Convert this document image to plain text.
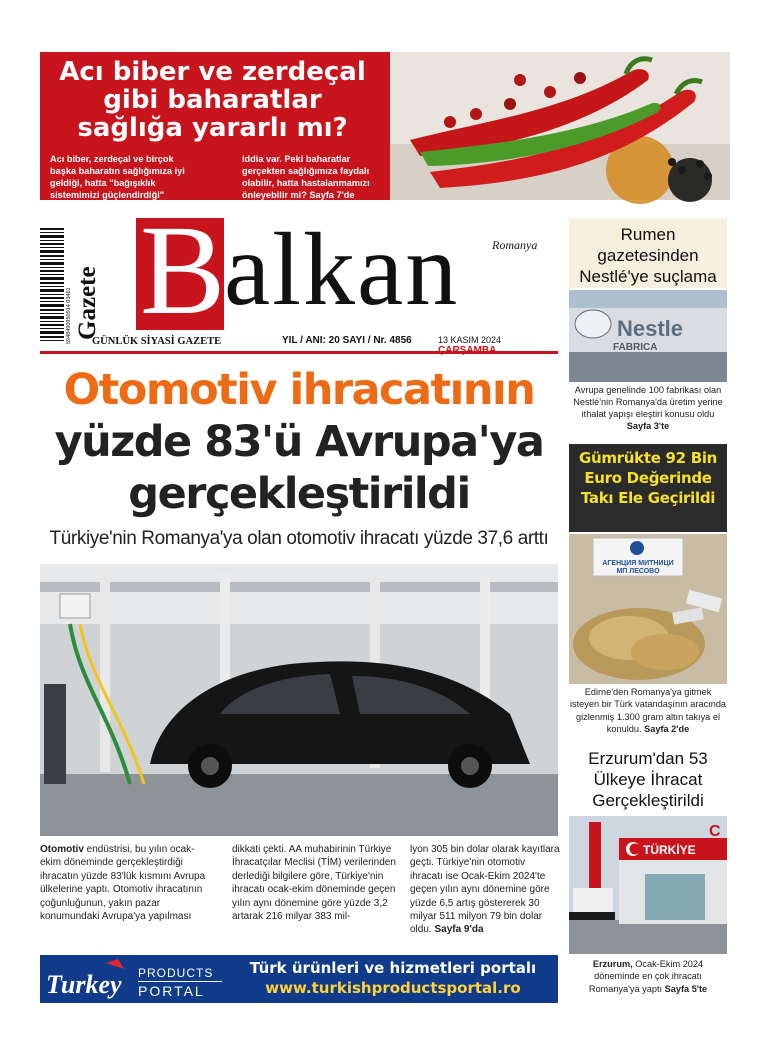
Acı biber ve zerdeçal
gibi baharatlar
sağlığa yararlı mı?
Acı biber, zerdeçal ve birçok başka baharatın sağlığımıza iyi geldiği, hatta "bağışıklık sistemimizi güçlendirdiği" yönünde birçok
iddia var. Peki baharatlar gerçekten sağlığımıza faydalı olabilir, hatta hastalanmamızı önleyebilir mi? Sayfa 7'de
5948490950914 03461 Gazete B
alkan	Romanya
GÜNLÜK SİYASİ GAZETE	YIL / ANI: 20 SAYI / Nr. 4856	13 KASIM 2024
Otomotiv ihracatının
yüzde 83'ü Avrupa'ya
gerçekleştirildi
Türkiye'nin Romanya'ya olan otomotiv ihracatı yüzde 37,6 arttı
Otomotiv endüstrisi, bu yılın ocak-ekim döneminde gerçekleştirdiği ihracatın yüzde 83'lük kısmını Avrupa ülkelerine yaptı. Otomotiv ihracatının çoğunluğunun, yakın pazar konumundaki Avrupa'ya yapılması
dikkati çekti. AA muhabirinin Türkiye İhracatçılar Meclisi (TİM) verilerinden derlediği bilgilere göre, Türkiye'nin ihracatı ocak-ekim döneminde geçen yılın aynı dönemine göre yüzde 3,2 artarak 216 milyar 383 mil-
lyon 305 bin dolar olarak kayıtlara geçti. Türkiye'nin otomotiv ihracatı ise Ocak-Ekim 2024'te geçen yılın aynı dönemine göre yüzde 6,5 artış göstererek 30 milyar 511 milyon 79 bin dolar oldu. Sayfa 9'da
Turkey PRODUCTS
PORTAL
Türk ürünleri ve hizmetleri portalı
www.turkishproductsportal.ro
Rumen gazetesinden Nestlé'ye suçlama
Nestle
FABRICA
Avrupa genelinde 100 fabrikası olan Nestlé'nin Romanya'da üretim yerine ithalat yapışı eleştiri konusu oldu Sayfa 3'te
Gümrükte 92 Bin Euro Değerinde Takı Ele Geçirildi
АГЕНЦИЯ МИТНИЦИ
МП ЛЕСОВО
Edirne'den Romanya'ya gitmek isteyen bir Türk vatandaşının aracında gizlenmiş 1.300 gram altın takıya el konuldu. Sayfa 2'de
Erzurum'dan 53 Ülkeye İhracat Gerçekleştirildi
TÜRKİYE
C
Erzurum, Ocak-Ekim 2024 döneminde en çok ihracatı Romanya'ya yaptı Sayfa 5'te
